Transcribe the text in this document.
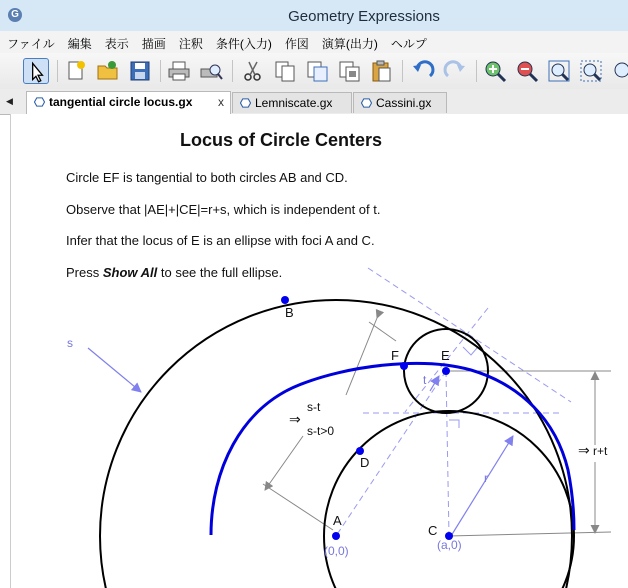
G	Geometry Expressions
ファイル 編集 表示 描画 注釈 条件(入力) 作図 演算(出力) ヘルプ
◀	tangential circle locus.gx x	Lemniscate.gx	Cassini.gx
Locus of Circle Centers
Circle EF is tangential to both circles AB and CD.
Observe that |AE|+|CE|=r+s, which is independent of t.
Infer that the locus of E is an ellipse with foci A and C.
Press Show All to see the full ellipse.
B
D
F	E
A
C
⇒
s-t
s-t>0
⇒ r+t
s
t
r
(0,0)	(a,0)
